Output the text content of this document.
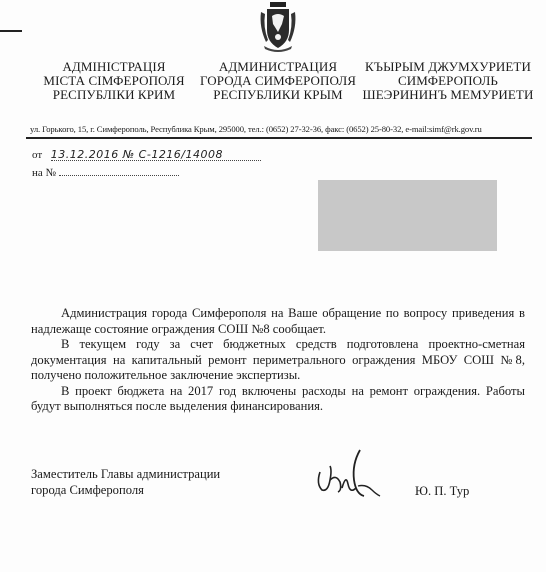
АДМІНІСТРАЦІЯ
МІСТА СІМФЕРОПОЛЯ
РЕСПУБЛІКИ КРИМ
АДМИНИСТРАЦИЯ
ГОРОДА СИМФЕРОПОЛЯ
РЕСПУБЛИКИ КРЫМ
КЪЫРЫМ ДЖУМХУРИЕТИ
СИМФЕРОПОЛЬ
ШЕЭРИНИНЪ МЕМУРИЕТИ
ул. Горького, 15, г. Симферополь, Республика Крым, 295000, тел.: (0652) 27-32-36, факс: (0652) 25-80-32, e-mail:simf@rk.gov.ru
от 13.12.2016 № С-1216/14008
на №

Администрация города Симферополя на Ваше обращение по вопросу приведения в надлежаще состояние ограждения СОШ №8 сообщает.

В текущем году за счет бюджетных средств подготовлена проектно-сметная документация на капитальный ремонт периметрального ограждения МБОУ СОШ №8, получено положительное заключение экспертизы.

В проект бюджета на 2017 год включены расходы на ремонт ограждения. Работы будут выполняться после выделения финансирования.

Заместитель Главы администрации
города Симферополя	Ю. П. Тур
